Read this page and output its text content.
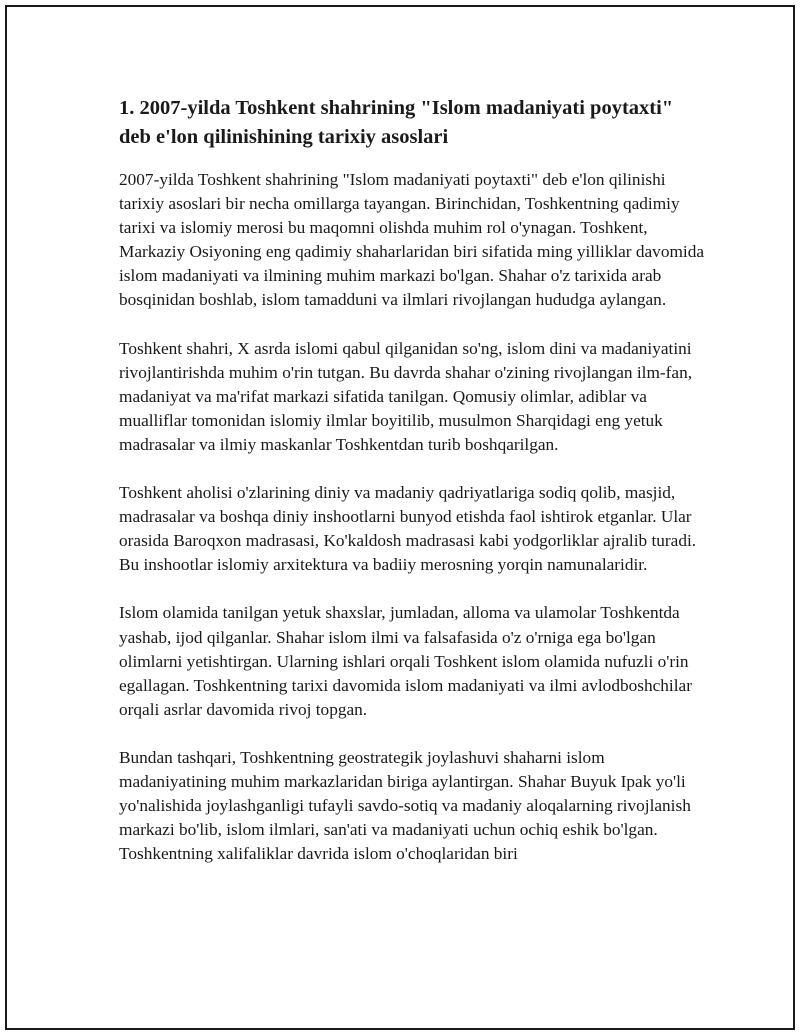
1. 2007-yilda Toshkent shahrining "Islom madaniyati poytaxti" deb e'lon qilinishining tarixiy asoslari

2007-yilda Toshkent shahrining "Islom madaniyati poytaxti" deb e'lon qilinishi tarixiy asoslari bir necha omillarga tayangan. Birinchidan, Toshkentning qadimiy tarixi va islomiy merosi bu maqomni olishda muhim rol o'ynagan. Toshkent, Markaziy Osiyoning eng qadimiy shaharlaridan biri sifatida ming yilliklar davomida islom madaniyati va ilmining muhim markazi bo'lgan. Shahar o'z tarixida arab bosqinidan boshlab, islom tamadduni va ilmlari rivojlangan hududga aylangan.

Toshkent shahri, X asrda islomi qabul qilganidan so'ng, islom dini va madaniyatini rivojlantirishda muhim o'rin tutgan. Bu davrda shahar o'zining rivojlangan ilm-fan, madaniyat va ma'rifat markazi sifatida tanilgan. Qomusiy olimlar, adiblar va mualliflar tomonidan islomiy ilmlar boyitilib, musulmon Sharqidagi eng yetuk madrasalar va ilmiy maskanlar Toshkentdan turib boshqarilgan.

Toshkent aholisi o'zlarining diniy va madaniy qadriyatlariga sodiq qolib, masjid, madrasalar va boshqa diniy inshootlarni bunyod etishda faol ishtirok etganlar. Ular orasida Baroqxon madrasasi, Ko'kaldosh madrasasi kabi yodgorliklar ajralib turadi. Bu inshootlar islomiy arxitektura va badiiy merosning yorqin namunalaridir.

Islom olamida tanilgan yetuk shaxslar, jumladan, alloma va ulamolar Toshkentda yashab, ijod qilganlar. Shahar islom ilmi va falsafasida o'z o'rniga ega bo'lgan olimlarni yetishtirgan. Ularning ishlari orqali Toshkent islom olamida nufuzli o'rin egallagan. Toshkentning tarixi davomida islom madaniyati va ilmi avlodboshchilar orqali asrlar davomida rivoj topgan.

Bundan tashqari, Toshkentning geostrategik joylashuvi shaharni islom madaniyatining muhim markazlaridan biriga aylantirgan. Shahar Buyuk Ipak yo'li yo'nalishida joylashganligi tufayli savdo-sotiq va madaniy aloqalarning rivojlanish markazi bo'lib, islom ilmlari, san'ati va madaniyati uchun ochiq eshik bo'lgan. Toshkentning xalifaliklar davrida islom o'choqlaridan biri
